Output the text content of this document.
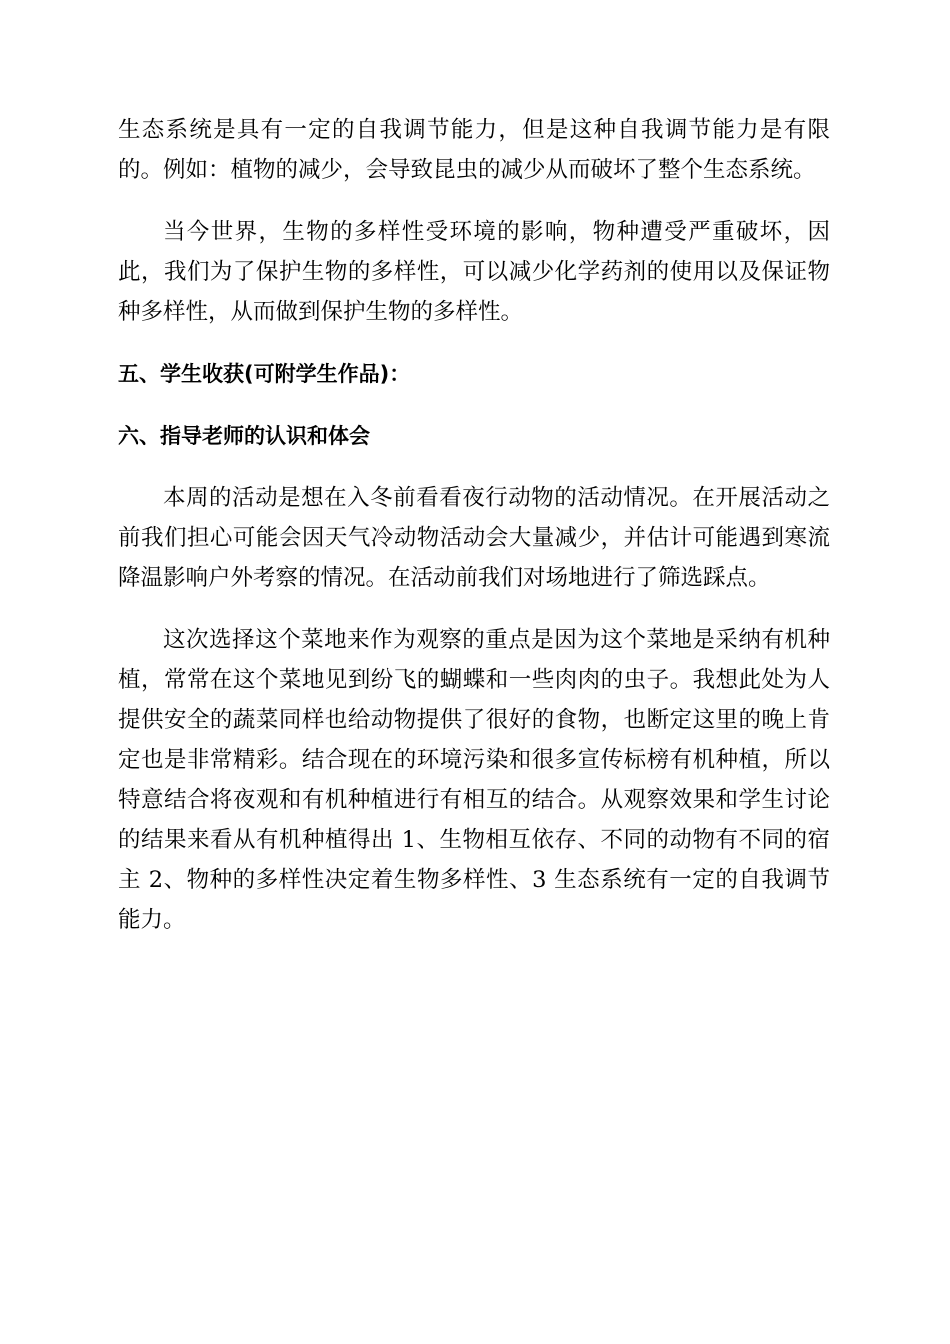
生态系统是具有一定的自我调节能力，但是这种自我调节能力是有限的。例如：植物的减少，会导致昆虫的减少从而破坏了整个生态系统。

当今世界，生物的多样性受环境的影响，物种遭受严重破坏，因此，我们为了保护生物的多样性，可以减少化学药剂的使用以及保证物种多样性，从而做到保护生物的多样性。

五、学生收获(可附学生作品)：
六、指导老师的认识和体会

本周的活动是想在入冬前看看夜行动物的活动情况。在开展活动之前我们担心可能会因天气冷动物活动会大量减少，并估计可能遇到寒流降温影响户外考察的情况。在活动前我们对场地进行了筛选踩点。

这次选择这个菜地来作为观察的重点是因为这个菜地是采纳有机种植，常常在这个菜地见到纷飞的蝴蝶和一些肉肉的虫子。我想此处为人提供安全的蔬菜同样也给动物提供了很好的食物，也断定这里的晚上肯定也是非常精彩。结合现在的环境污染和很多宣传标榜有机种植，所以特意结合将夜观和有机种植进行有相互的结合。从观察效果和学生讨论的结果来看从有机种植得出 1、生物相互依存、不同的动物有不同的宿主 2、物种的多样性决定着生物多样性、3 生态系统有一定的自我调节能力。
